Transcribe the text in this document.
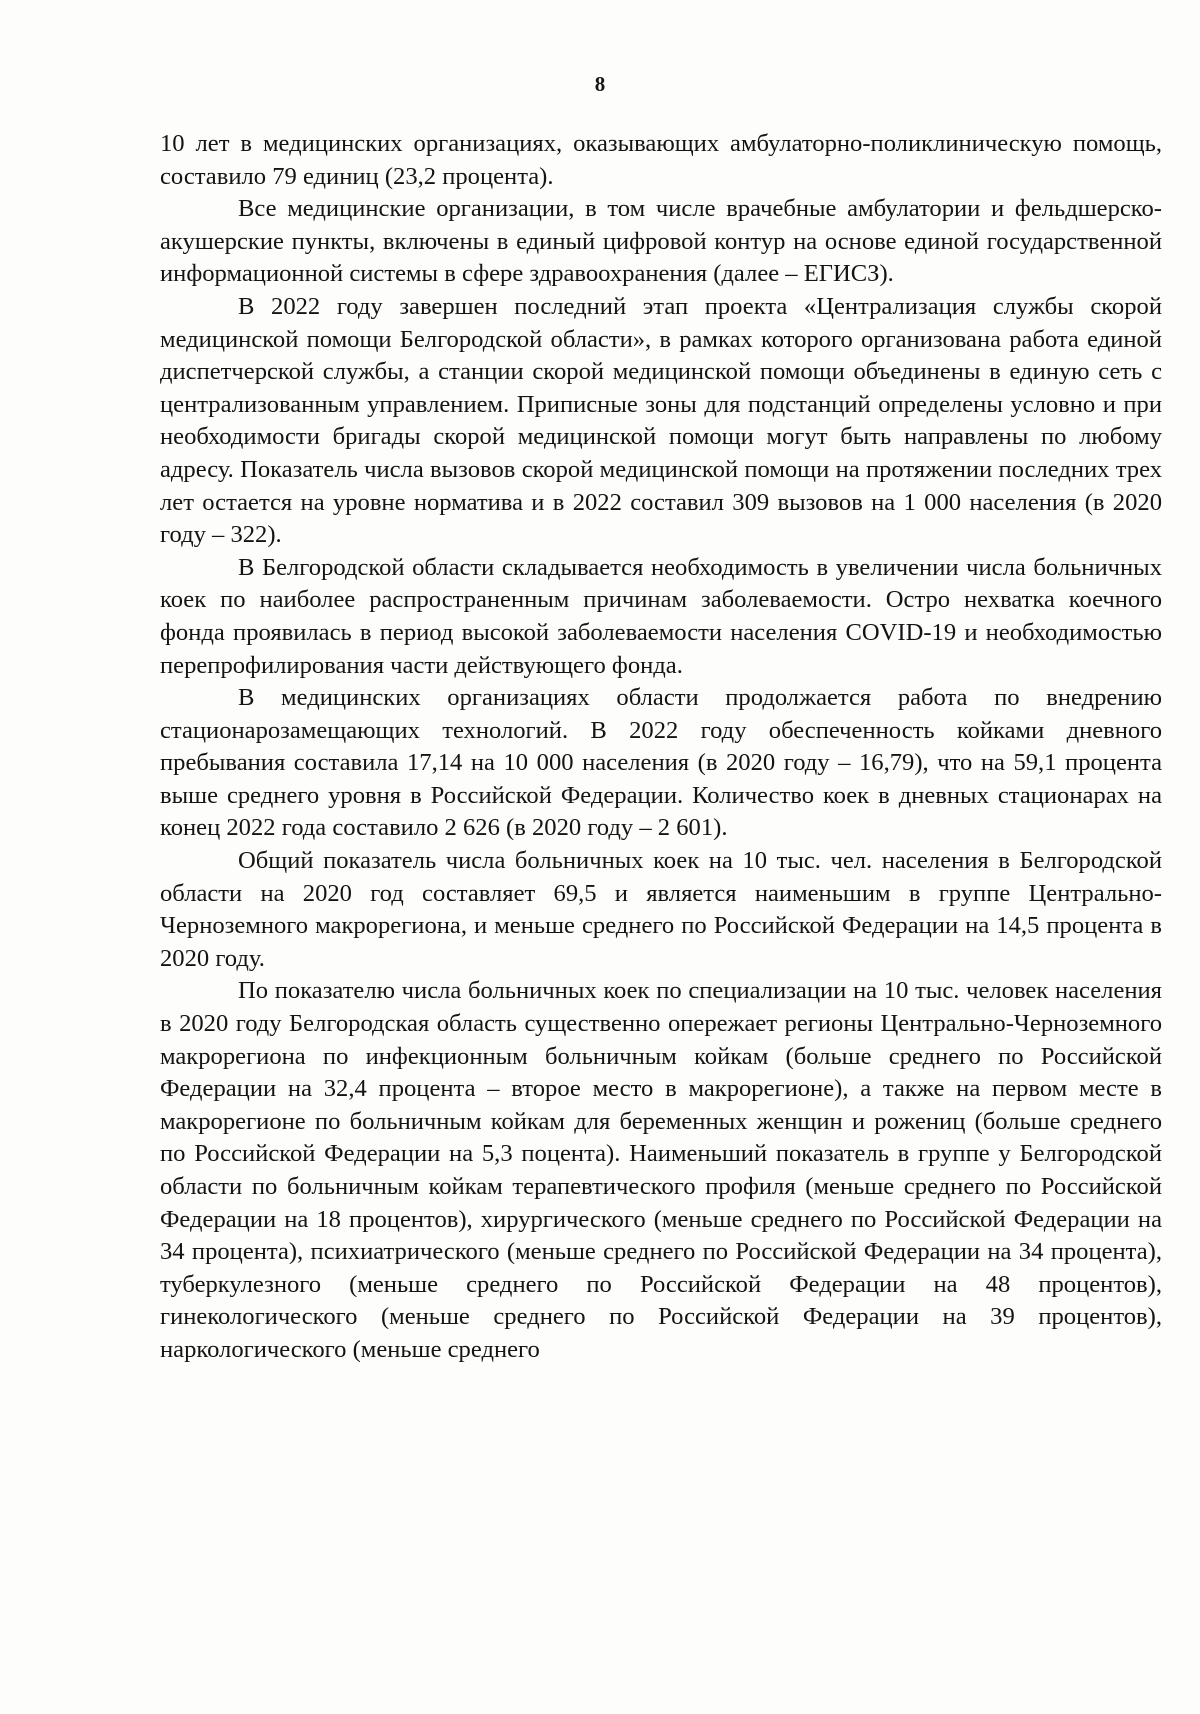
8

10 лет в медицинских организациях, оказывающих амбулаторно-поликлиническую помощь, составило 79 единиц (23,2 процента).

Все медицинские организации, в том числе врачебные амбулатории и фельдшерско-акушерские пункты, включены в единый цифровой контур на основе единой государственной информационной системы в сфере здравоохранения (далее – ЕГИСЗ).

В 2022 году завершен последний этап проекта «Централизация службы скорой медицинской помощи Белгородской области», в рамках которого организована работа единой диспетчерской службы, а станции скорой медицинской помощи объединены в единую сеть с централизованным управлением. Приписные зоны для подстанций определены условно и при необходимости бригады скорой медицинской помощи могут быть направлены по любому адресу. Показатель числа вызовов скорой медицинской помощи на протяжении последних трех лет остается на уровне норматива и в 2022 составил 309 вызовов на 1 000 населения (в 2020 году – 322).

В Белгородской области складывается необходимость в увеличении числа больничных коек по наиболее распространенным причинам заболеваемости. Остро нехватка коечного фонда проявилась в период высокой заболеваемости населения COVID-19 и необходимостью перепрофилирования части действующего фонда.

В медицинских организациях области продолжается работа по внедрению стационарозамещающих технологий. В 2022 году обеспеченность койками дневного пребывания составила 17,14 на 10 000 населения (в 2020 году – 16,79), что на 59,1 процента выше среднего уровня в Российской Федерации. Количество коек в дневных стационарах на конец 2022 года составило 2 626 (в 2020 году – 2 601).

Общий показатель числа больничных коек на 10 тыс. чел. населения в Белгородской области на 2020 год составляет 69,5 и является наименьшим в группе Центрально-Черноземного макрорегиона, и меньше среднего по Российской Федерации на 14,5 процента в 2020 году.

По показателю числа больничных коек по специализации на 10 тыс. человек населения в 2020 году Белгородская область существенно опережает регионы Центрально-Черноземного макрорегиона по инфекционным больничным койкам (больше среднего по Российской Федерации на 32,4 процента – второе место в макрорегионе), а также на первом месте в макрорегионе по больничным койкам для беременных женщин и рожениц (больше среднего по Российской Федерации на 5,3 поцента). Наименьший показатель в группе у Белгородской области по больничным койкам терапевтического профиля (меньше среднего по Российской Федерации на 18 процентов), хирургического (меньше среднего по Российской Федерации на 34 процента), психиатрического (меньше среднего по Российской Федерации на 34 процента), туберкулезного (меньше среднего по Российской Федерации на 48 процентов), гинекологического (меньше среднего по Российской Федерации на 39 процентов), наркологического (меньше среднего
